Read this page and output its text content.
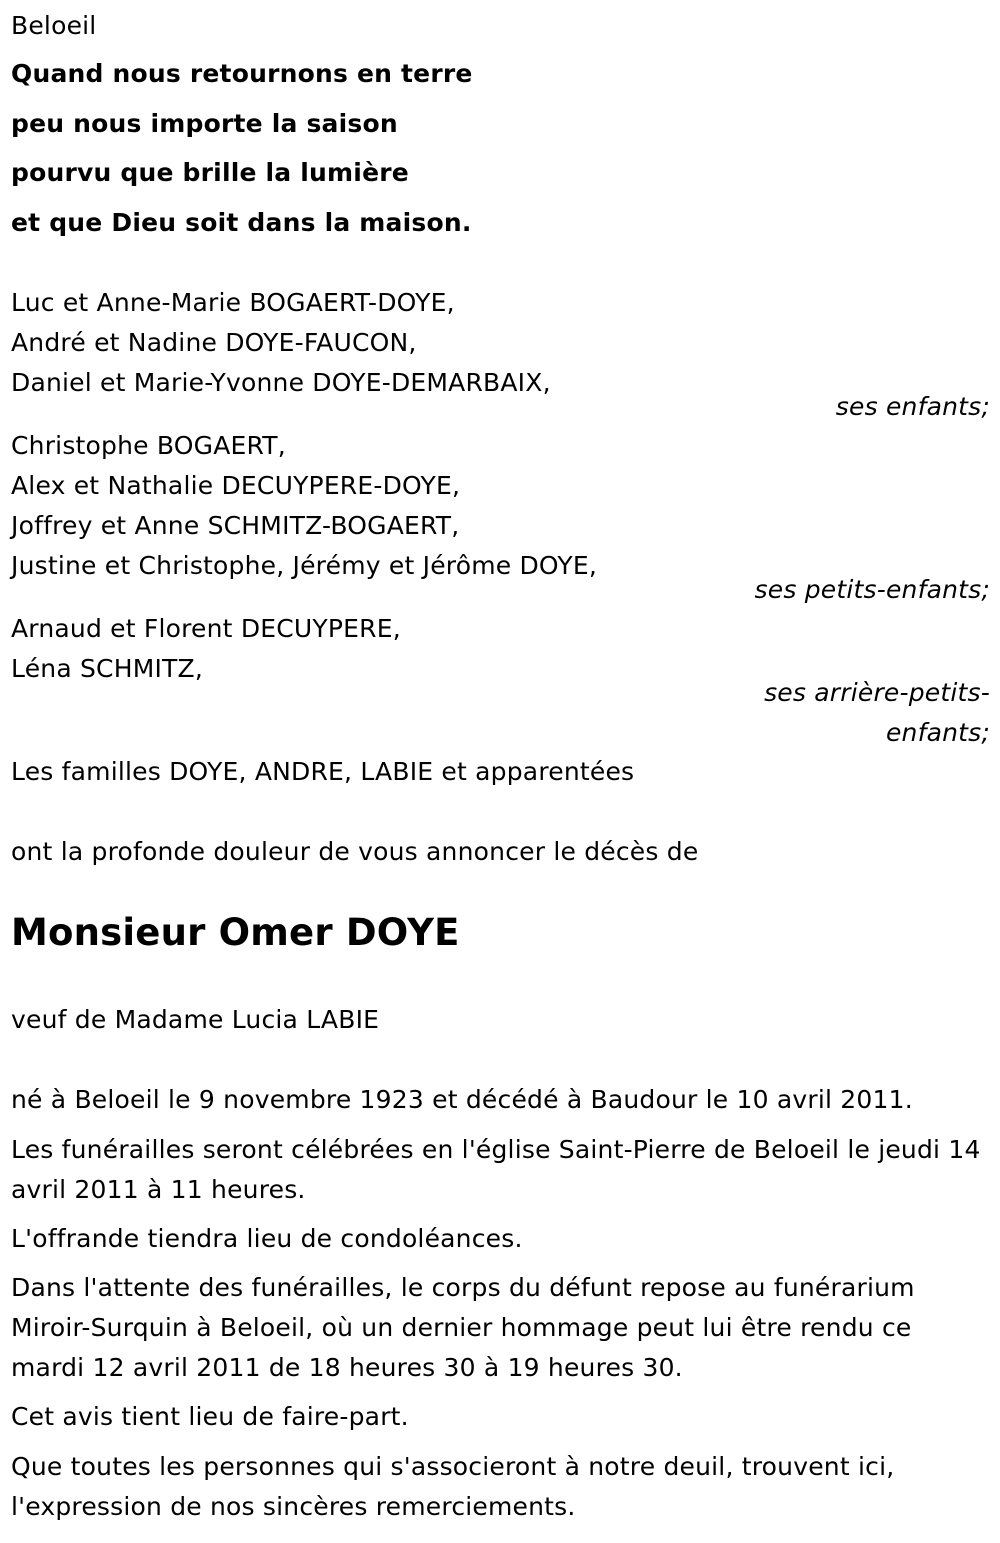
Beloeil
Quand nous retournons en terre
peu nous importe la saison
pourvu que brille la lumière
et que Dieu soit dans la maison.
Luc et Anne-Marie BOGAERT-DOYE,
André et Nadine DOYE-FAUCON,
Daniel et Marie-Yvonne DOYE-DEMARBAIX,
ses enfants;
Christophe BOGAERT,
Alex et Nathalie DECUYPERE-DOYE,
Joffrey et Anne SCHMITZ-BOGAERT,
Justine et Christophe, Jérémy et Jérôme DOYE,
ses petits-enfants;
Arnaud et Florent DECUYPERE,
Léna SCHMITZ,
ses arrière-petits-
enfants;
Les familles DOYE, ANDRE, LABIE et apparentées
ont la profonde douleur de vous annoncer le décès de
Monsieur Omer DOYE
veuf de Madame Lucia LABIE
né à Beloeil le 9 novembre 1923 et décédé à Baudour le 10 avril 2011.
Les funérailles seront célébrées en l'église Saint-Pierre de Beloeil le jeudi 14 avril 2011 à 11 heures.
L'offrande tiendra lieu de condoléances.
Dans l'attente des funérailles, le corps du défunt repose au funérarium Miroir-Surquin à Beloeil, où un dernier hommage peut lui être rendu ce mardi 12 avril 2011 de 18 heures 30 à 19 heures 30.
Cet avis tient lieu de faire-part.
Que toutes les personnes qui s'associeront à notre deuil, trouvent ici, l'expression de nos sincères remerciements.
